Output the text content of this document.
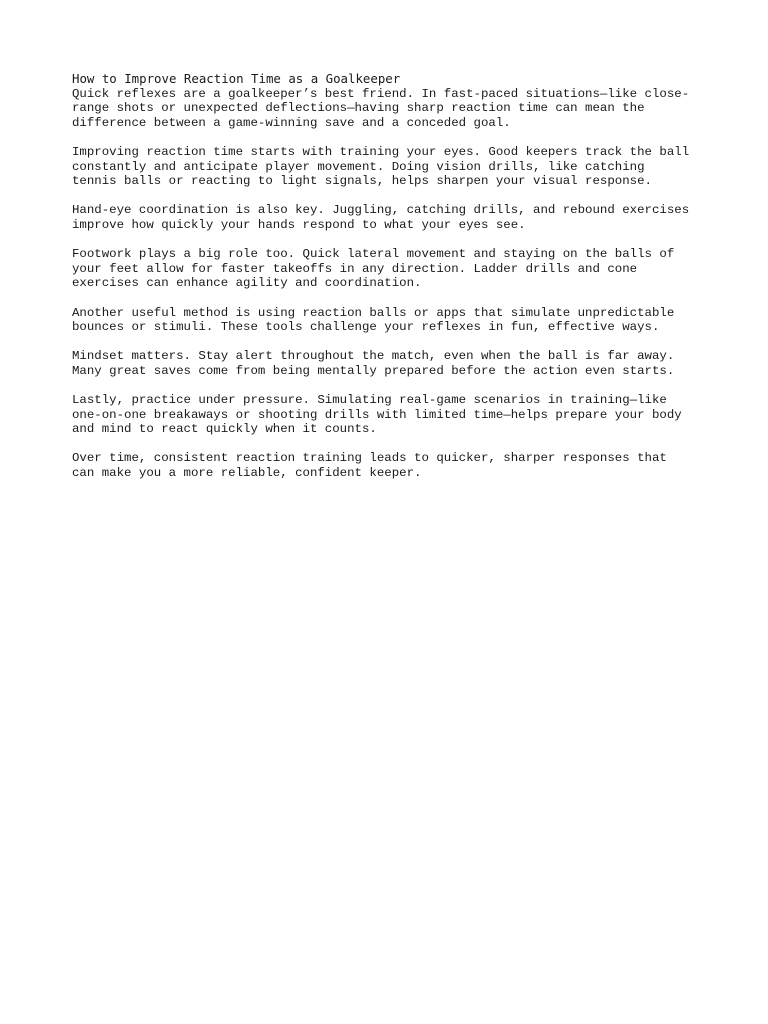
How to Improve Reaction Time as a Goalkeeper

Quick reflexes are a goalkeeper’s best friend. In fast-paced situations—like close-
range shots or unexpected deflections—having sharp reaction time can mean the
difference between a game-winning save and a conceded goal.

Improving reaction time starts with training your eyes. Good keepers track the ball
constantly and anticipate player movement. Doing vision drills, like catching
tennis balls or reacting to light signals, helps sharpen your visual response.

Hand-eye coordination is also key. Juggling, catching drills, and rebound exercises
improve how quickly your hands respond to what your eyes see.

Footwork plays a big role too. Quick lateral movement and staying on the balls of
your feet allow for faster takeoffs in any direction. Ladder drills and cone
exercises can enhance agility and coordination.

Another useful method is using reaction balls or apps that simulate unpredictable
bounces or stimuli. These tools challenge your reflexes in fun, effective ways.

Mindset matters. Stay alert throughout the match, even when the ball is far away.
Many great saves come from being mentally prepared before the action even starts.

Lastly, practice under pressure. Simulating real-game scenarios in training—like
one-on-one breakaways or shooting drills with limited time—helps prepare your body
and mind to react quickly when it counts.

Over time, consistent reaction training leads to quicker, sharper responses that
can make you a more reliable, confident keeper.
